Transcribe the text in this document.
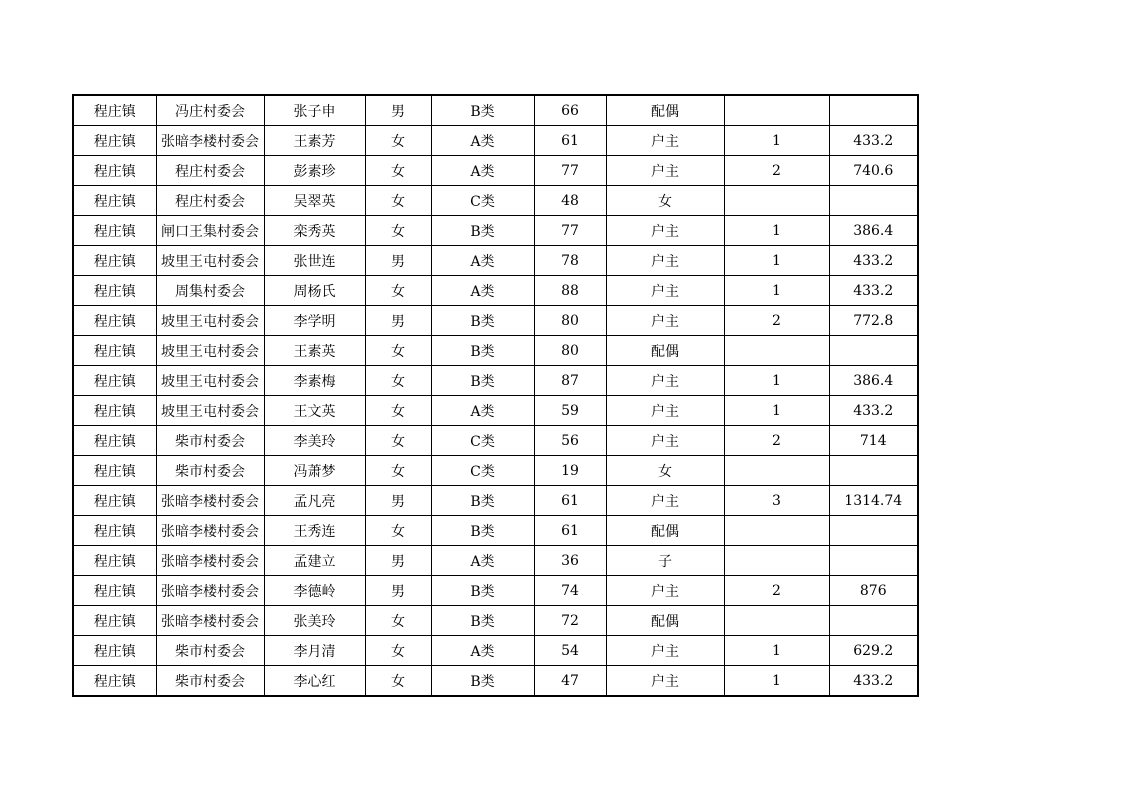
程庄镇	冯庄村委会	张子申	男	B类	66	配偶		
程庄镇	张暗李楼村委会	王素芳	女	A类	61	户主	1	433.2
程庄镇	程庄村委会	彭素珍	女	A类	77	户主	2	740.6
程庄镇	程庄村委会	吴翠英	女	C类	48	女		
程庄镇	闸口王集村委会	栾秀英	女	B类	77	户主	1	386.4
程庄镇	坡里王屯村委会	张世连	男	A类	78	户主	1	433.2
程庄镇	周集村委会	周杨氏	女	A类	88	户主	1	433.2
程庄镇	坡里王屯村委会	李学明	男	B类	80	户主	2	772.8
程庄镇	坡里王屯村委会	王素英	女	B类	80	配偶		
程庄镇	坡里王屯村委会	李素梅	女	B类	87	户主	1	386.4
程庄镇	坡里王屯村委会	王文英	女	A类	59	户主	1	433.2
程庄镇	柴市村委会	李美玲	女	C类	56	户主	2	714
程庄镇	柴市村委会	冯萧梦	女	C类	19	女		
程庄镇	张暗李楼村委会	孟凡亮	男	B类	61	户主	3	1314.74
程庄镇	张暗李楼村委会	王秀连	女	B类	61	配偶		
程庄镇	张暗李楼村委会	孟建立	男	A类	36	子		
程庄镇	张暗李楼村委会	李德岭	男	B类	74	户主	2	876
程庄镇	张暗李楼村委会	张美玲	女	B类	72	配偶		
程庄镇	柴市村委会	李月清	女	A类	54	户主	1	629.2
程庄镇	柴市村委会	李心红	女	B类	47	户主	1	433.2
